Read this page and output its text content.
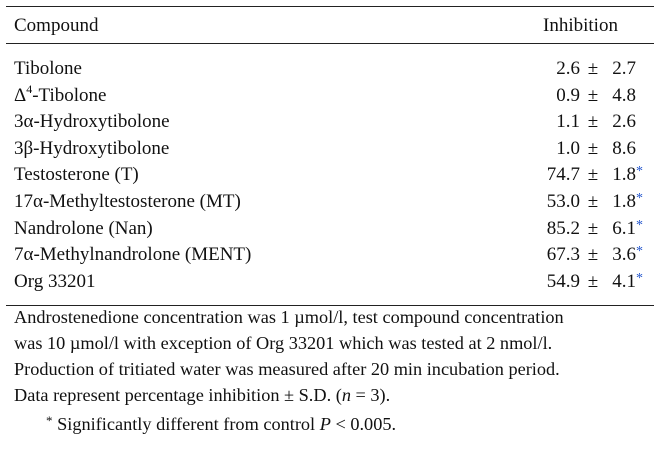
Compound	Inhibition
Tibolone	2.6 ± 2.7
$\Delta^4$-Tibolone	0.9 ± 4.8
3α-Hydroxytibolone	1.1 ± 2.6
3β-Hydroxytibolone	1.0 ± 8.6
Testosterone (T)	74.7 ± 1.8*
17α-Methyltestosterone (MT)	53.0 ± 1.8*
Nandrolone (Nan)	85.2 ± 6.1*
7α-Methylnandrolone (MENT)	67.3 ± 3.6*
Org 33201	54.9 ± 4.1*

Androstenedione concentration was 1 µmol/l, test compound concentration

was 10 µmol/l with exception of Org 33201 which was tested at 2 nmol/l.

Production of tritiated water was measured after 20 min incubation period.

Data represent percentage inhibition ± S.D. (n = 3).

* Significantly different from control P < 0.005.
